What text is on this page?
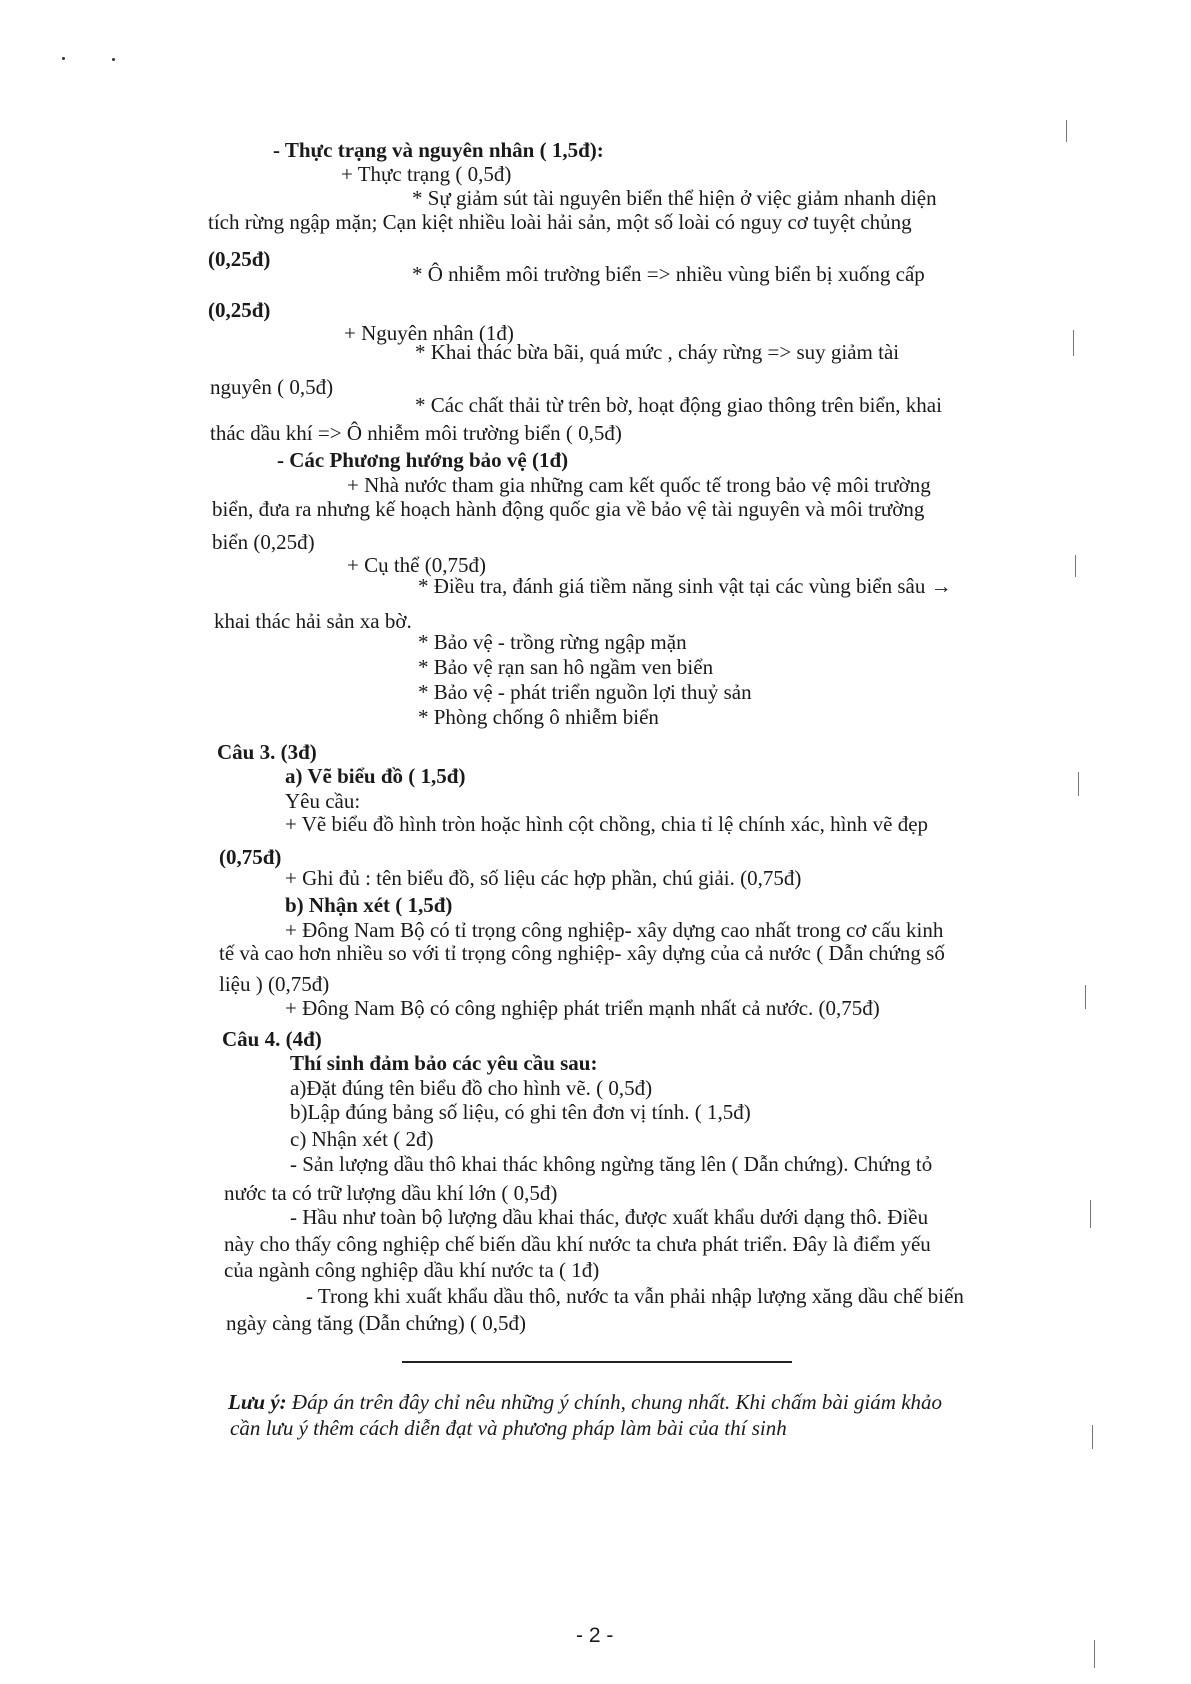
- Thực trạng và nguyên nhân ( 1,5đ):
+ Thực trạng ( 0,5đ)
* Sự giảm sút tài nguyên biển thể hiện ở việc giảm nhanh diện
tích rừng ngập mặn; Cạn kiệt nhiều loài hải sản, một số loài có nguy cơ tuyệt chủng
(0,25đ)
* Ô nhiễm môi trường biển => nhiều vùng biển bị xuống cấp
(0,25đ)
+ Nguyên nhân (1đ)
* Khai thác bừa bãi, quá mức , cháy rừng => suy giảm tài
nguyên ( 0,5đ)
* Các chất thải từ trên bờ, hoạt động giao thông trên biển, khai
thác dầu khí => Ô nhiễm môi trường biển ( 0,5đ)
- Các Phương hướng bảo vệ (1đ)
+ Nhà nước tham gia những cam kết quốc tế trong bảo vệ môi trường
biển, đưa ra nhưng kế hoạch hành động quốc gia về bảo vệ tài nguyên và môi trường
biển (0,25đ)
+ Cụ thể (0,75đ)
* Điều tra, đánh giá tiềm năng sinh vật tại các vùng biển sâu →
khai thác hải sản xa bờ.
* Bảo vệ - trồng rừng ngập mặn
* Bảo vệ rạn san hô ngầm ven biển
* Bảo vệ - phát triển nguồn lợi thuỷ sản
* Phòng chống ô nhiễm biển
Câu 3. (3đ)
a) Vẽ biểu đồ ( 1,5đ)
Yêu cầu:
+ Vẽ biểu đồ hình tròn hoặc hình cột chồng, chia tỉ lệ chính xác, hình vẽ đẹp
(0,75đ)
+ Ghi đủ : tên biểu đồ, số liệu các hợp phần, chú giải. (0,75đ)
b) Nhận xét ( 1,5đ)
+ Đông Nam Bộ có tỉ trọng công nghiệp- xây dựng cao nhất trong cơ cấu kinh
tế và cao hơn nhiều so với tỉ trọng công nghiệp- xây dựng của cả nước ( Dẫn chứng số
liệu ) (0,75đ)
+ Đông Nam Bộ có công nghiệp phát triển mạnh nhất cả nước. (0,75đ)
Câu 4. (4đ)
Thí sinh đảm bảo các yêu cầu sau:
a)Đặt đúng tên biểu đồ cho hình vẽ. ( 0,5đ)
b)Lập đúng bảng số liệu, có ghi tên đơn vị tính. ( 1,5đ)
c) Nhận xét ( 2đ)
- Sản lượng dầu thô khai thác không ngừng tăng lên ( Dẫn chứng). Chứng tỏ
nước ta có trữ lượng dầu khí lớn ( 0,5đ)
- Hầu như toàn bộ lượng dầu khai thác, được xuất khẩu dưới dạng thô. Điều
này cho thấy công nghiệp chế biến dầu khí nước ta chưa phát triển. Đây là điểm yếu
của ngành công nghiệp dầu khí nước ta ( 1đ)
- Trong khi xuất khẩu dầu thô, nước ta vẫn phải nhập lượng xăng dầu chế biến
ngày càng tăng (Dẫn chứng) ( 0,5đ)
Lưu ý: Đáp án trên đây chỉ nêu những ý chính, chung nhất. Khi chấm bài giám khảo
cần lưu ý thêm cách diễn đạt và phương pháp làm bài của thí sinh
- 2 -
